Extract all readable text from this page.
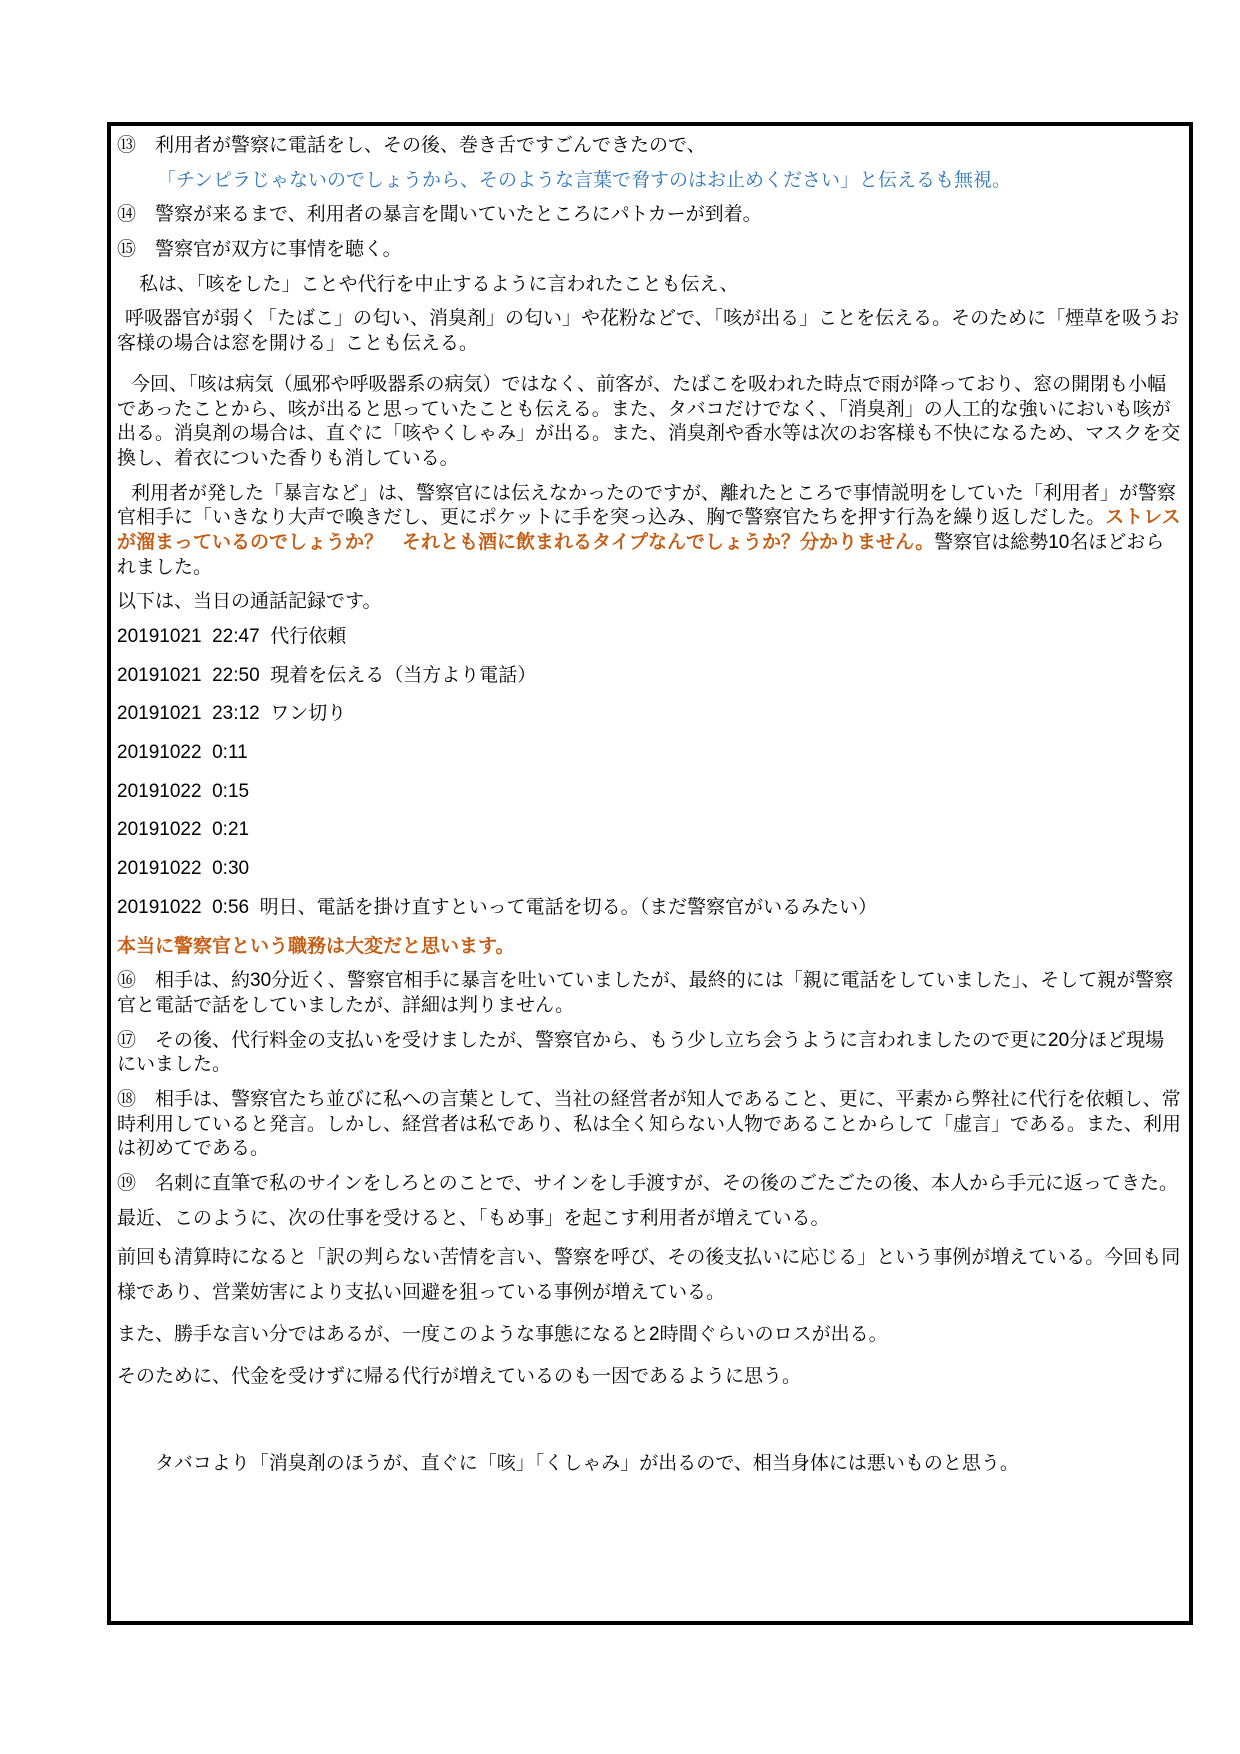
⑬　利用者が警察に電話をし、その後、巻き舌ですごんできたので、
「チンピラじゃないのでしょうから、そのような言葉で脅すのはお止めください」と伝えるも無視。
⑭　警察が来るまで、利用者の暴言を聞いていたところにパトカーが到着。
⑮　警察官が双方に事情を聴く。
私は、「咳をした」ことや代行を中止するように言われたことも伝え、
呼吸器官が弱く「たばこ」の匂い、消臭剤」の匂い」や花粉などで、「咳が出る」ことを伝える。そのために「煙草を吸うお客様の場合は窓を開ける」ことも伝える。
今回、「咳は病気（風邪や呼吸器系の病気）ではなく、前客が、たばこを吸われた時点で雨が降っており、窓の開閉も小幅であったことから、咳が出ると思っていたことも伝える。また、タバコだけでなく、「消臭剤」の人工的な強いにおいも咳が出る。消臭剤の場合は、直ぐに「咳やくしゃみ」が出る。また、消臭剤や香水等は次のお客様も不快になるため、マスクを交換し、着衣についた香りも消している。
利用者が発した「暴言など」は、警察官には伝えなかったのですが、離れたところで事情説明をしていた「利用者」が警察官相手に「いきなり大声で喚きだし、更にポケットに手を突っ込み、胸で警察官たちを押す行為を繰り返しだした。ストレスが溜まっているのでしょうか？　それとも酒に飲まれるタイプなんでしょうか？分かりません。警察官は総勢10名ほどおられました。
以下は、当日の通話記録です。
20191021  22:47  代行依頼
20191021  22:50  現着を伝える（当方より電話）
20191021  23:12  ワン切り
20191022  0:11
20191022  0:15
20191022  0:21
20191022  0:30
20191022  0:56  明日、電話を掛け直すといって電話を切る。（まだ警察官がいるみたい）
本当に警察官という職務は大変だと思います。
⑯　相手は、約30分近く、警察官相手に暴言を吐いていましたが、最終的には「親に電話をしていました」、そして親が警察官と電話で話をしていましたが、詳細は判りません。
⑰　その後、代行料金の支払いを受けましたが、警察官から、もう少し立ち会うように言われましたので更に20分ほど現場にいました。
⑱　相手は、警察官たち並びに私への言葉として、当社の経営者が知人であること、更に、平素から弊社に代行を依頼し、常時利用していると発言。しかし、経営者は私であり、私は全く知らない人物であることからして「虚言」である。また、利用は初めてである。
⑲　名刺に直筆で私のサインをしろとのことで、サインをし手渡すが、その後のごたごたの後、本人から手元に返ってきた。
最近、このように、次の仕事を受けると、「もめ事」を起こす利用者が増えている。
前回も清算時になると「訳の判らない苦情を言い、警察を呼び、その後支払いに応じる」という事例が増えている。今回も同様であり、営業妨害により支払い回避を狙っている事例が増えている。
また、勝手な言い分ではあるが、一度このような事態になると2時間ぐらいのロスが出る。
そのために、代金を受けずに帰る代行が増えているのも一因であるように思う。
タバコより「消臭剤のほうが、直ぐに「咳」「くしゃみ」が出るので、相当身体には悪いものと思う。
